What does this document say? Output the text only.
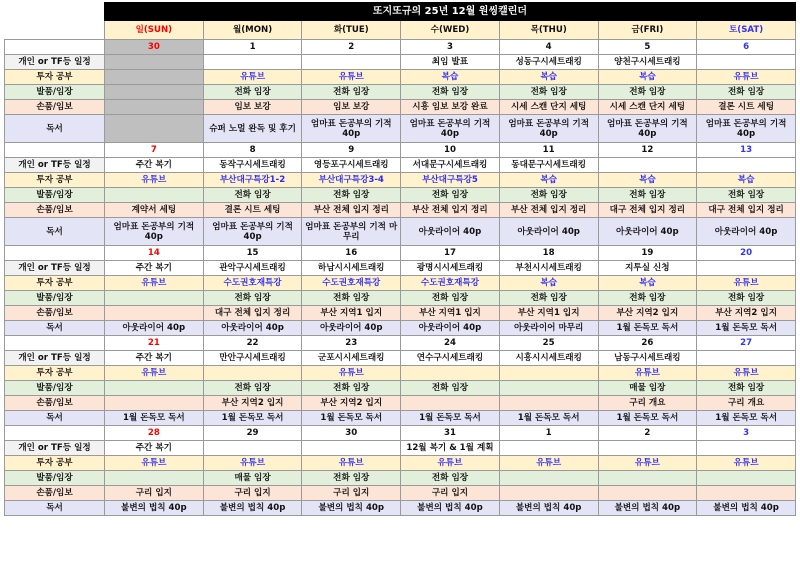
	또지또규의 25년 12월 원씽캘린더						
	일(SUN)	월(MON)	화(TUE)	수(WED)	목(THU)	금(FRI)	토(SAT)
	30	1	2	3	4	5	6
개인 or TF등 일정				최임 발표	성동구시세트래킹	양천구시세트래킹	
투자 공부		유튜브	유튜브	복습	복습	복습	유튜브
발품/임장		전화 임장	전화 임장	전화 임장	전화 임장	전화 임장	전화 임장
손품/임보		임보 보강	임보 보강	시흥 임보 보강 완료	시세 스캔 단지 세팅	시세 스캔 단지 세팅	결론 시트 세팅
독서		슈퍼 노멀 완독 및 후기	엄마표 돈공부의 기적 40p	엄마표 돈공부의 기적 40p	엄마표 돈공부의 기적 40p	엄마표 돈공부의 기적 40p	엄마표 돈공부의 기적 40p
	7	8	9	10	11	12	13
개인 or TF등 일정	주간 복기	동작구시세트래킹	영등포구시세트래킹	서대문구시세트래킹	동대문구시세트래킹		
투자 공부	유튜브	부산대구특강1-2	부산대구특강3-4	부산대구특강5	복습	복습	복습
발품/임장		전화 임장	전화 임장	전화 임장	전화 임장	전화 임장	전화 임장
손품/임보	계약서 세팅	결론 시트 세팅	부산 전체 입지 정리	부산 전체 입지 정리	부산 전체 입지 정리	대구 전체 입지 정리	대구 전체 입지 정리
독서	엄마표 돈공부의 기적 40p	엄마표 돈공부의 기적 40p	엄마표 돈공부의 기적 마무리	아웃라이어 40p	아웃라이어 40p	아웃라이어 40p	아웃라이어 40p
	14	15	16	17	18	19	20
개인 or TF등 일정	주간 복기	관악구시세트래킹	하남시시세트래킹	광명시시세트래킹	부천시시세트래킹	지투실 신청	
투자 공부	유튜브	수도권호재특강	수도권호재특강	수도권호재특강	복습	복습	유튜브
발품/임장		전화 임장	전화 임장	전화 임장	전화 임장	전화 임장	전화 임장
손품/임보		대구 전체 입지 정리	부산 지역1 입지	부산 지역1 입지	부산 지역1 입지	부산 지역2 입지	부산 지역2 입지
독서	아웃라이어 40p	아웃라이어 40p	아웃라이어 40p	아웃라이어 40p	아웃라이어 마무리	1월 돈독모 독서	1월 돈독모 독서
	21	22	23	24	25	26	27
개인 or TF등 일정	주간 복기	만안구시세트래킹	군포시시세트래킹	연수구시세트래킹	시흥시시세트래킹	남동구시세트래킹	
투자 공부	유튜브		유튜브			유튜브	유튜브
발품/임장		전화 임장	전화 임장	전화 임장		매물 임장	전화 임장
손품/임보		부산 지역2 입지	부산 지역2 입지			구리 개요	구리 개요
독서	1월 돈독모 독서	1월 돈독모 독서	1월 돈독모 독서	1월 돈독모 독서	1월 돈독모 독서	1월 돈독모 독서	1월 돈독모 독서
	28	29	30	31	1	2	3
개인 or TF등 일정	주간 복기			12월 복기 & 1월 계획			
투자 공부	유튜브	유튜브	유튜브	유튜브	유튜브	유튜브	유튜브
발품/임장		매물 임장	전화 임장	전화 임장			
손품/임보	구리 입지	구리 입지	구리 입지	구리 입지			
독서	불변의 법칙 40p	불변의 법칙 40p	불변의 법칙 40p	불변의 법칙 40p	불변의 법칙 40p	불변의 법칙 40p	불변의 법칙 40p
